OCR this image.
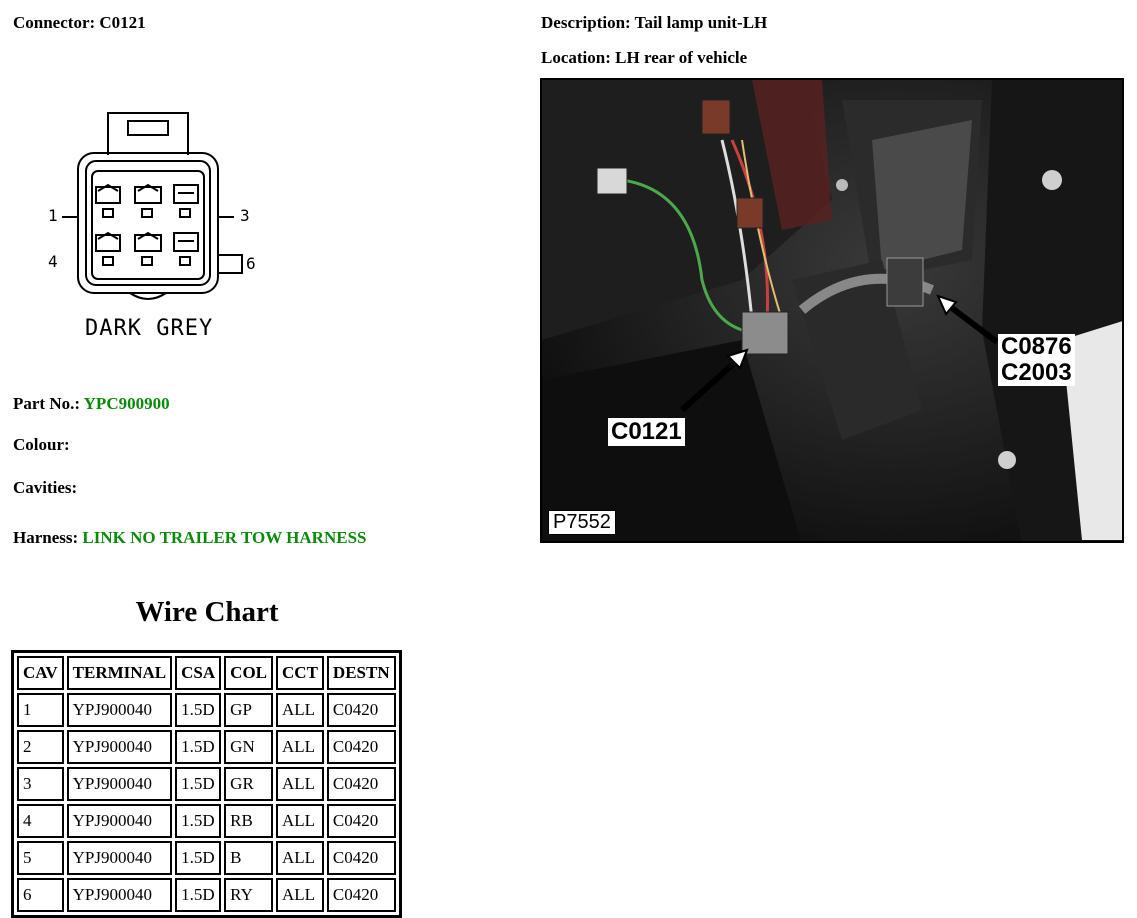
Connector: C0121	Description: Tail lamp unit-LH
Location: LH rear of vehicle
1	3
4	6
DARK GREY
Part No.: YPC900900
Colour:
Cavities:
Harness: LINK NO TRAILER TOW HARNESS
Wire Chart
CAV	TERMINAL	CSA	COL	CCT	DESTN
1	YPJ900040	1.5D	GP	ALL	C0420
2	YPJ900040	1.5D	GN	ALL	C0420
3	YPJ900040	1.5D	GR	ALL	C0420
4	YPJ900040	1.5D	RB	ALL	C0420
5	YPJ900040	1.5D	B	ALL	C0420
6	YPJ900040	1.5D	RY	ALL	C0420
C0121
C0876
C2003
P7552
